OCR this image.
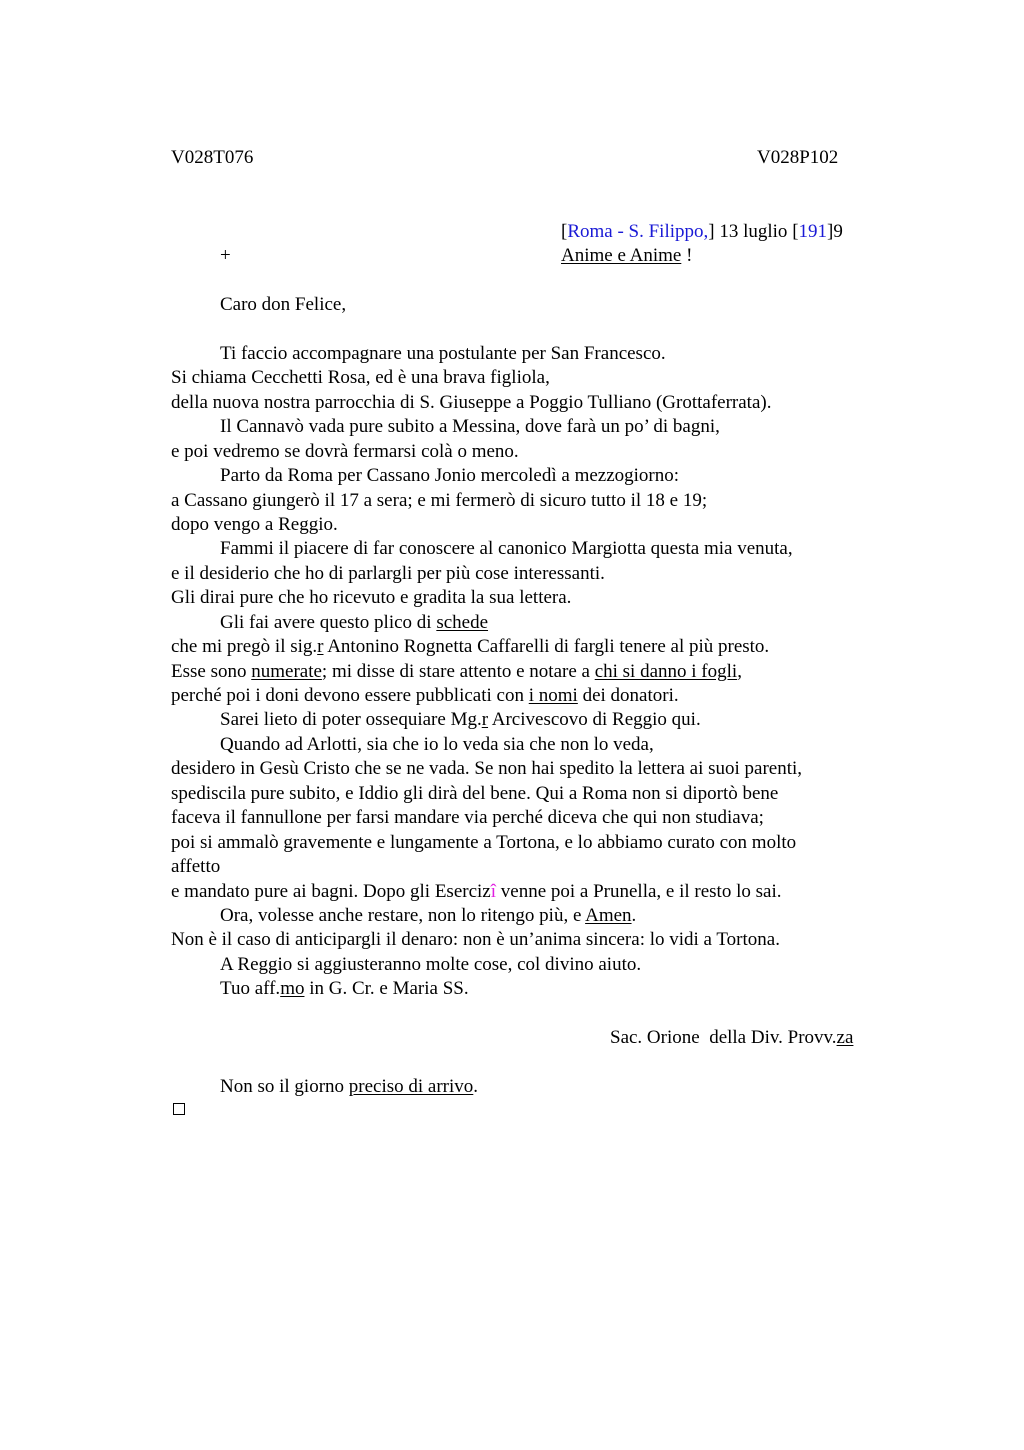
V028T076	V028P102
[Roma - S. Filippo,] 13 luglio [191]9
+	Anime e Anime !
Caro don Felice,
Ti faccio accompagnare una postulante per San Francesco.
Si chiama Cecchetti Rosa, ed è una brava figliola,
della nuova nostra parrocchia di S. Giuseppe a Poggio Tulliano (Grottaferrata).
Il Cannavò vada pure subito a Messina, dove farà un po’ di bagni,
e poi vedremo se dovrà fermarsi colà o meno.
Parto da Roma per Cassano Jonio mercoledì a mezzogiorno:
a Cassano giungerò il 17 a sera; e mi fermerò di sicuro tutto il 18 e 19;
dopo vengo a Reggio.
Fammi il piacere di far conoscere al canonico Margiotta questa mia venuta,
e il desiderio che ho di parlargli per più cose interessanti.
Gli dirai pure che ho ricevuto e gradita la sua lettera.
Gli fai avere questo plico di schede
che mi pregò il sig.r Antonino Rognetta Caffarelli di fargli tenere al più presto.
Esse sono numerate; mi disse di stare attento e notare a chi si danno i fogli,
perché poi i doni devono essere pubblicati con i nomi dei donatori.
Sarei lieto di poter ossequiare Mg.r Arcivescovo di Reggio qui.
Quando ad Arlotti, sia che io lo veda sia che non lo veda,
desidero in Gesù Cristo che se ne vada. Se non hai spedito la lettera ai suoi parenti,
spediscila pure subito, e Iddio gli dirà del bene. Qui a Roma non si diportò bene
faceva il fannullone per farsi mandare via perché diceva che qui non studiava;
poi si ammalò gravemente e lungamente a Tortona, e lo abbiamo curato con molto
affetto
e mandato pure ai bagni. Dopo gli Esercizî venne poi a Prunella, e il resto lo sai.
Ora, volesse anche restare, non lo ritengo più, e Amen.
Non è il caso di anticipargli il denaro: non è un’anima sincera: lo vidi a Tortona.
A Reggio si aggiusteranno molte cose, col divino aiuto.
Tuo aff.mo in G. Cr. e Maria SS.
Sac. Orione  della Div. Provv.za
Non so il giorno preciso di arrivo.
